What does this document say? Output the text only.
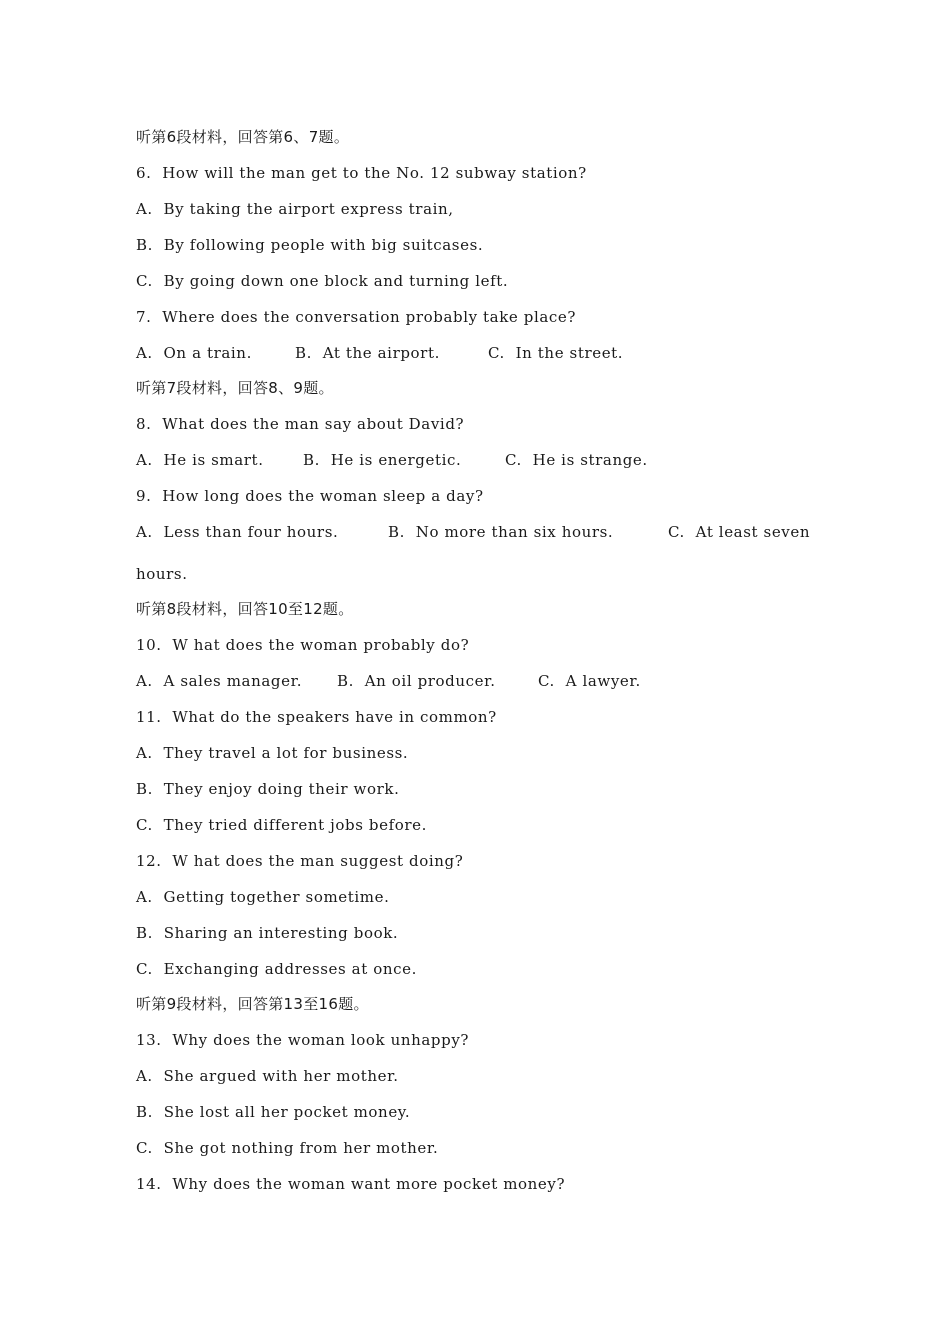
听第6段材料，回答第6、7题。
6.  How will the man get to the No. 12 subway station?
A.  By taking the airport express train,
B.  By following people with big suitcases.
C.  By going down one block and turning left.
7.  Where does the conversation probably take place?
A.  On a train.	B.  At the airport.	C.  In the street.
听第7段材料，回答8、9题。
8.  What does the man say about David?
A.  He is smart.	B.  He is energetic.	C.  He is strange.
9.  How long does the woman sleep a day?
A.  Less than four hours.	B.  No more than six hours.	C.  At least seven
hours.
听第8段材料，回答10至12题。
10.  W hat does the woman probably do?
A.  A sales manager. B.  An oil producer.	C.  A lawyer.
11.  What do the speakers have in common?
A.  They travel a lot for business.
B.  They enjoy doing their work.
C.  They tried different jobs before.
12.  W hat does the man suggest doing?
A.  Getting together sometime.
B.  Sharing an interesting book.
C.  Exchanging addresses at once.
听第9段材料，回答第13至16题。
13.  Why does the woman look unhappy?
A.  She argued with her mother.
B.  She lost all her pocket money.
C.  She got nothing from her mother.
14.  Why does the woman want more pocket money?
